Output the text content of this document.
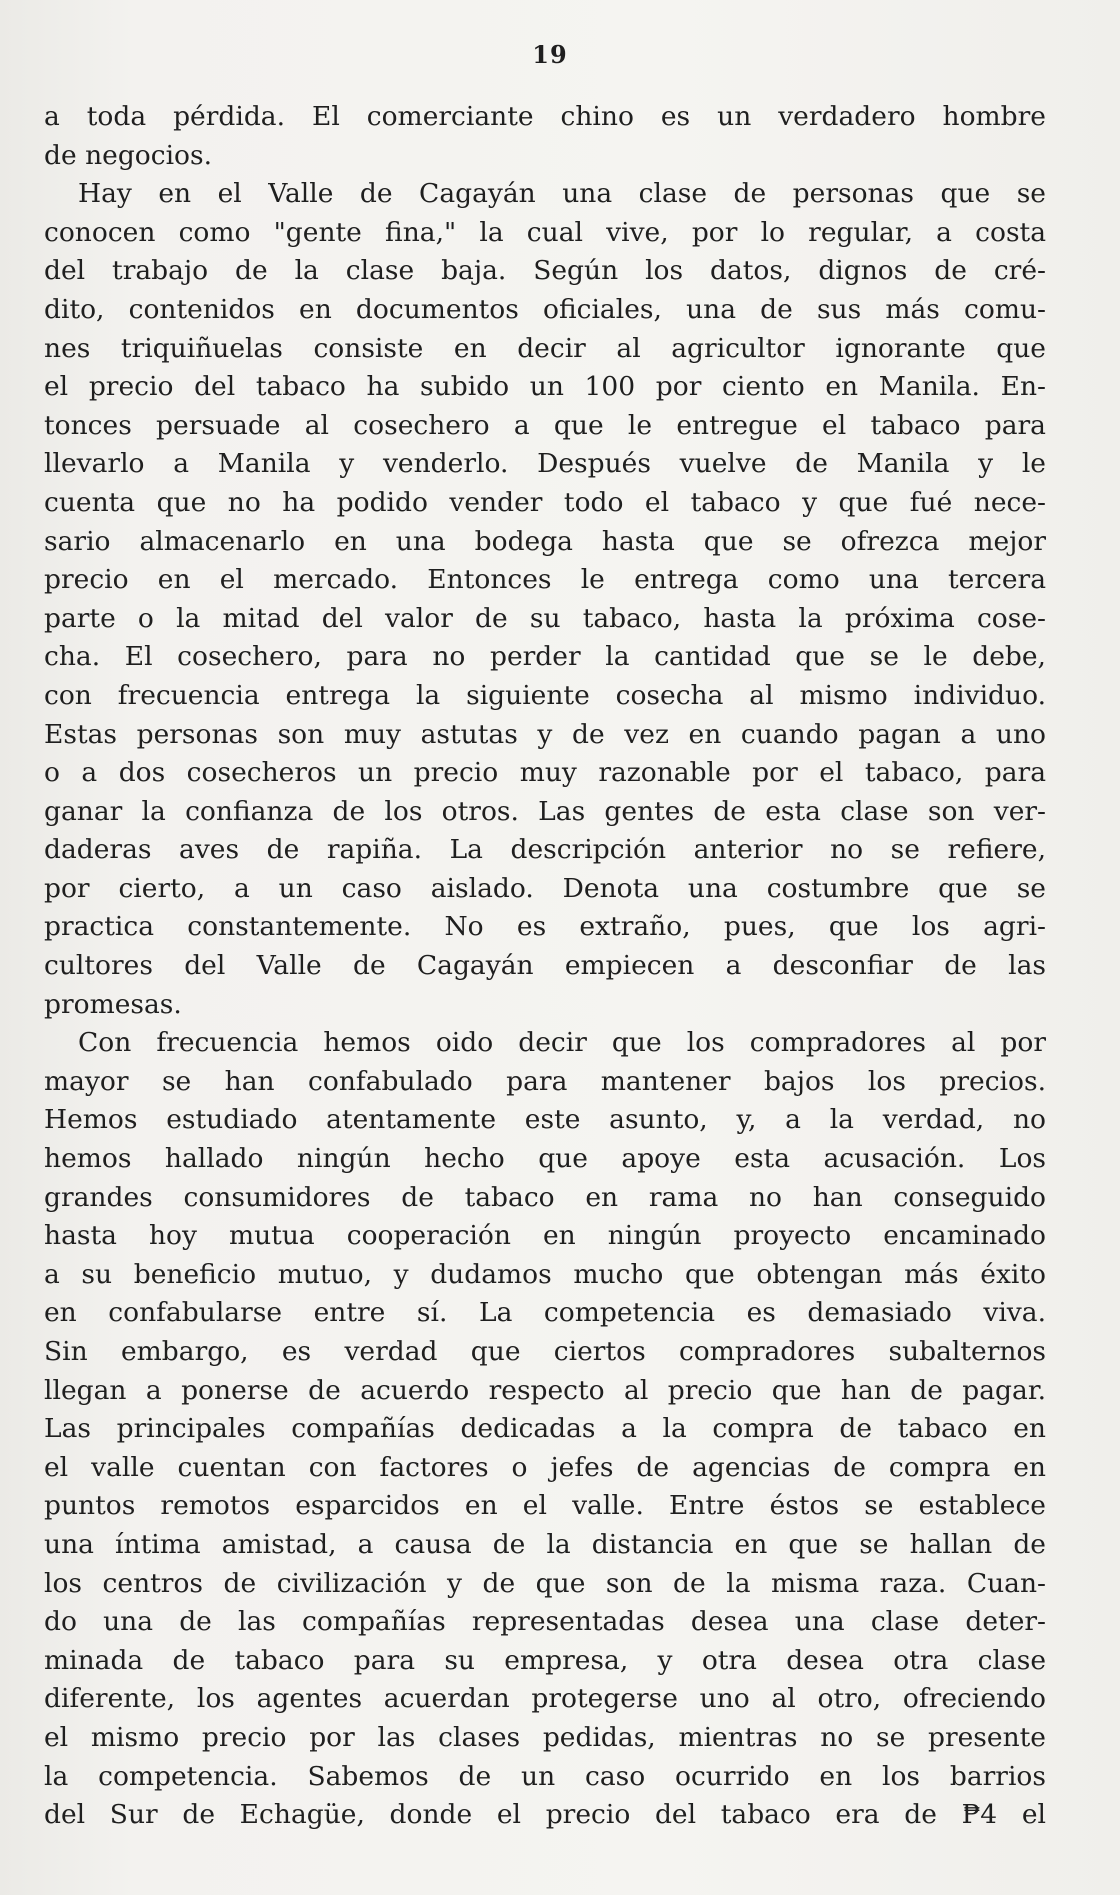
19
a toda pérdida. El comerciante chino es un verdadero hombre
de negocios.
Hay en el Valle de Cagayán una clase de personas que se
conocen como "gente fina," la cual vive, por lo regular, a costa
del trabajo de la clase baja. Según los datos, dignos de cré-
dito, contenidos en documentos oficiales, una de sus más comu-
nes triquiñuelas consiste en decir al agricultor ignorante que
el precio del tabaco ha subido un 100 por ciento en Manila. En-
tonces persuade al cosechero a que le entregue el tabaco para
llevarlo a Manila y venderlo. Después vuelve de Manila y le
cuenta que no ha podido vender todo el tabaco y que fué nece-
sario almacenarlo en una bodega hasta que se ofrezca mejor
precio en el mercado. Entonces le entrega como una tercera
parte o la mitad del valor de su tabaco, hasta la próxima cose-
cha. El cosechero, para no perder la cantidad que se le debe,
con frecuencia entrega la siguiente cosecha al mismo individuo.
Estas personas son muy astutas y de vez en cuando pagan a uno
o a dos cosecheros un precio muy razonable por el tabaco, para
ganar la confianza de los otros. Las gentes de esta clase son ver-
daderas aves de rapiña. La descripción anterior no se refiere,
por cierto, a un caso aislado. Denota una costumbre que se
practica constantemente. No es extraño, pues, que los agri-
cultores del Valle de Cagayán empiecen a desconfiar de las
promesas.
Con frecuencia hemos oido decir que los compradores al por
mayor se han confabulado para mantener bajos los precios.
Hemos estudiado atentamente este asunto, y, a la verdad, no
hemos hallado ningún hecho que apoye esta acusación. Los
grandes consumidores de tabaco en rama no han conseguido
hasta hoy mutua cooperación en ningún proyecto encaminado
a su beneficio mutuo, y dudamos mucho que obtengan más éxito
en confabularse entre sí. La competencia es demasiado viva.
Sin embargo, es verdad que ciertos compradores subalternos
llegan a ponerse de acuerdo respecto al precio que han de pagar.
Las principales compañías dedicadas a la compra de tabaco en
el valle cuentan con factores o jefes de agencias de compra en
puntos remotos esparcidos en el valle. Entre éstos se establece
una íntima amistad, a causa de la distancia en que se hallan de
los centros de civilización y de que son de la misma raza. Cuan-
do una de las compañías representadas desea una clase deter-
minada de tabaco para su empresa, y otra desea otra clase
diferente, los agentes acuerdan protegerse uno al otro, ofreciendo
el mismo precio por las clases pedidas, mientras no se presente
la competencia. Sabemos de un caso ocurrido en los barrios
del Sur de Echagüe, donde el precio del tabaco era de ₱4 el
